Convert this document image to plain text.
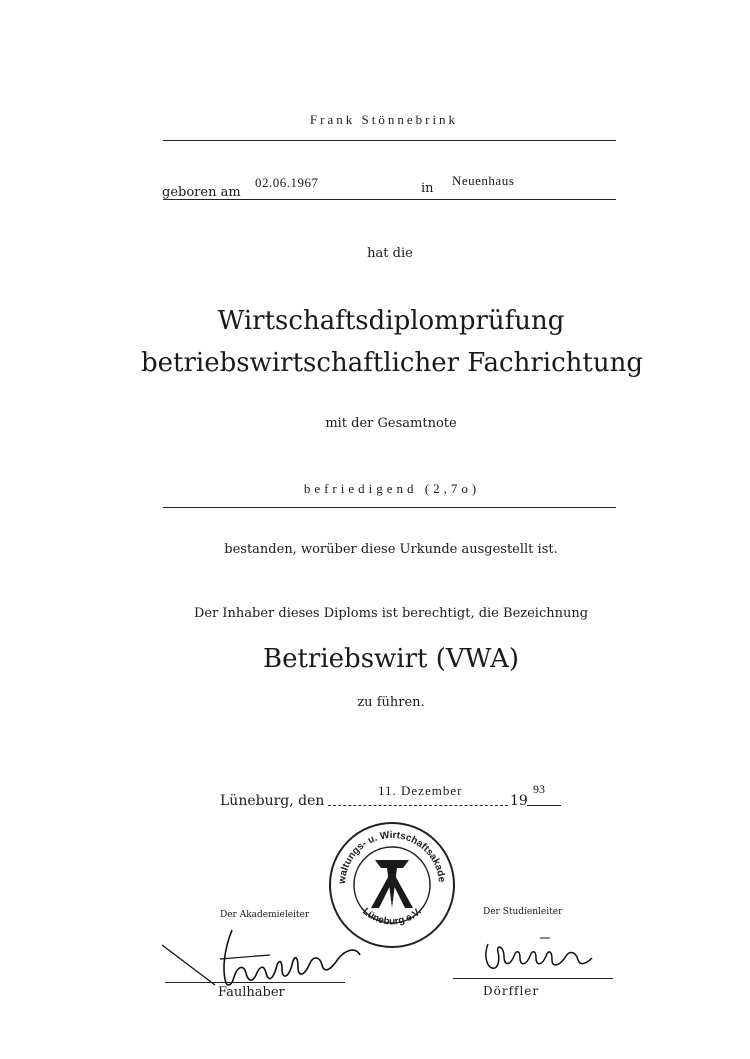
Frank Stönnebrink
geboren am
02.06.1967	in
Neuenhaus
hat die
Wirtschaftsdiplomprüfung
betriebswirtschaftlicher Fachrichtung
mit der Gesamtnote
befriedigend (2,7o)
bestanden, worüber diese Urkunde ausgestellt ist.
Der Inhaber dieses Diploms ist berechtigt, die Bezeichnung
Betriebswirt (VWA)
zu führen.
Lüneburg, den
11. Dezember
19
93
Verwaltungs- u. Wirtschaftsakademie
Lüneburg e.V.
Der Akademieleiter	Der Studienleiter
Faulhaber	Dörffler
